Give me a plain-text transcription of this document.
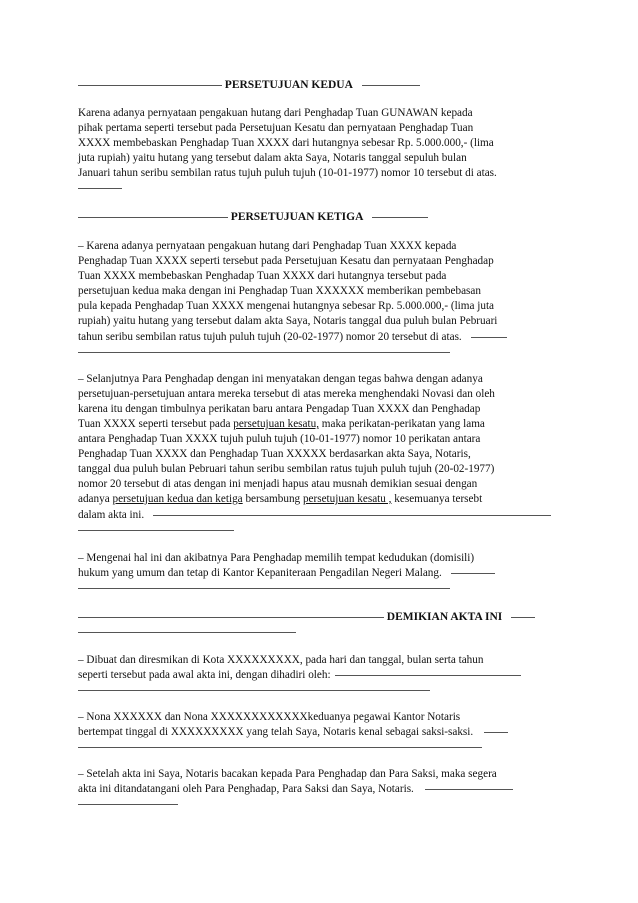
PERSETUJUAN KEDUA
Karena adanya pernyataan pengakuan hutang dari Penghadap Tuan GUNAWAN kepada
pihak pertama seperti tersebut pada Persetujuan Kesatu dan pernyataan Penghadap Tuan
XXXX membebaskan Penghadap Tuan XXXX dari hutangnya sebesar Rp. 5.000.000,- (lima
juta rupiah) yaitu hutang yang tersebut dalam akta Saya, Notaris tanggal sepuluh bulan
Januari tahun seribu sembilan ratus tujuh puluh tujuh (10-01-1977) nomor 10 tersebut di atas.
PERSETUJUAN KETIGA
– Karena adanya pernyataan pengakuan hutang dari Penghadap Tuan XXXX kepada
Penghadap Tuan XXXX seperti tersebut pada Persetujuan Kesatu dan pernyataan Penghadap
Tuan XXXX membebaskan Penghadap Tuan XXXX dari hutangnya tersebut pada
persetujuan kedua maka dengan ini Penghadap Tuan XXXXXX memberikan pembebasan
pula kepada Penghadap Tuan XXXX mengenai hutangnya sebesar Rp. 5.000.000,- (lima juta
rupiah) yaitu hutang yang tersebut dalam akta Saya, Notaris tanggal dua puluh bulan Pebruari
tahun seribu sembilan ratus tujuh puluh tujuh (20-02-1977) nomor 20 tersebut di atas.
– Selanjutnya Para Penghadap dengan ini menyatakan dengan tegas bahwa dengan adanya
persetujuan-persetujuan antara mereka tersebut di atas mereka menghendaki Novasi dan oleh
karena itu dengan timbulnya perikatan baru antara Pengadap Tuan XXXX dan Penghadap
Tuan XXXX seperti tersebut pada persetujuan kesatu, maka perikatan-perikatan yang lama
antara Penghadap Tuan XXXX tujuh puluh tujuh (10-01-1977) nomor 10 perikatan antara
Penghadap Tuan XXXX dan Penghadap Tuan XXXXX berdasarkan akta Saya, Notaris,
tanggal dua puluh bulan Pebruari tahun seribu sembilan ratus tujuh puluh tujuh (20-02-1977)
nomor 20 tersebut di atas dengan ini menjadi hapus atau musnah demikian sesuai dengan
adanya persetujuan kedua dan ketiga bersambung persetujuan kesatu , kesemuanya tersebt
dalam akta ini.
– Mengenai hal ini dan akibatnya Para Penghadap memilih tempat kedudukan (domisili)
hukum yang umum dan tetap di Kantor Kepaniteraan Pengadilan Negeri Malang.
DEMIKIAN AKTA INI
– Dibuat dan diresmikan di Kota XXXXXXXXX, pada hari dan tanggal, bulan serta tahun
seperti tersebut pada awal akta ini, dengan dihadiri oleh:
– Nona XXXXXX dan Nona XXXXXXXXXXXXkeduanya pegawai Kantor Notaris
bertempat tinggal di XXXXXXXXX yang telah Saya, Notaris kenal sebagai saksi-saksi.
– Setelah akta ini Saya, Notaris bacakan kepada Para Penghadap dan Para Saksi, maka segera
akta ini ditandatangani oleh Para Penghadap, Para Saksi dan Saya, Notaris.
